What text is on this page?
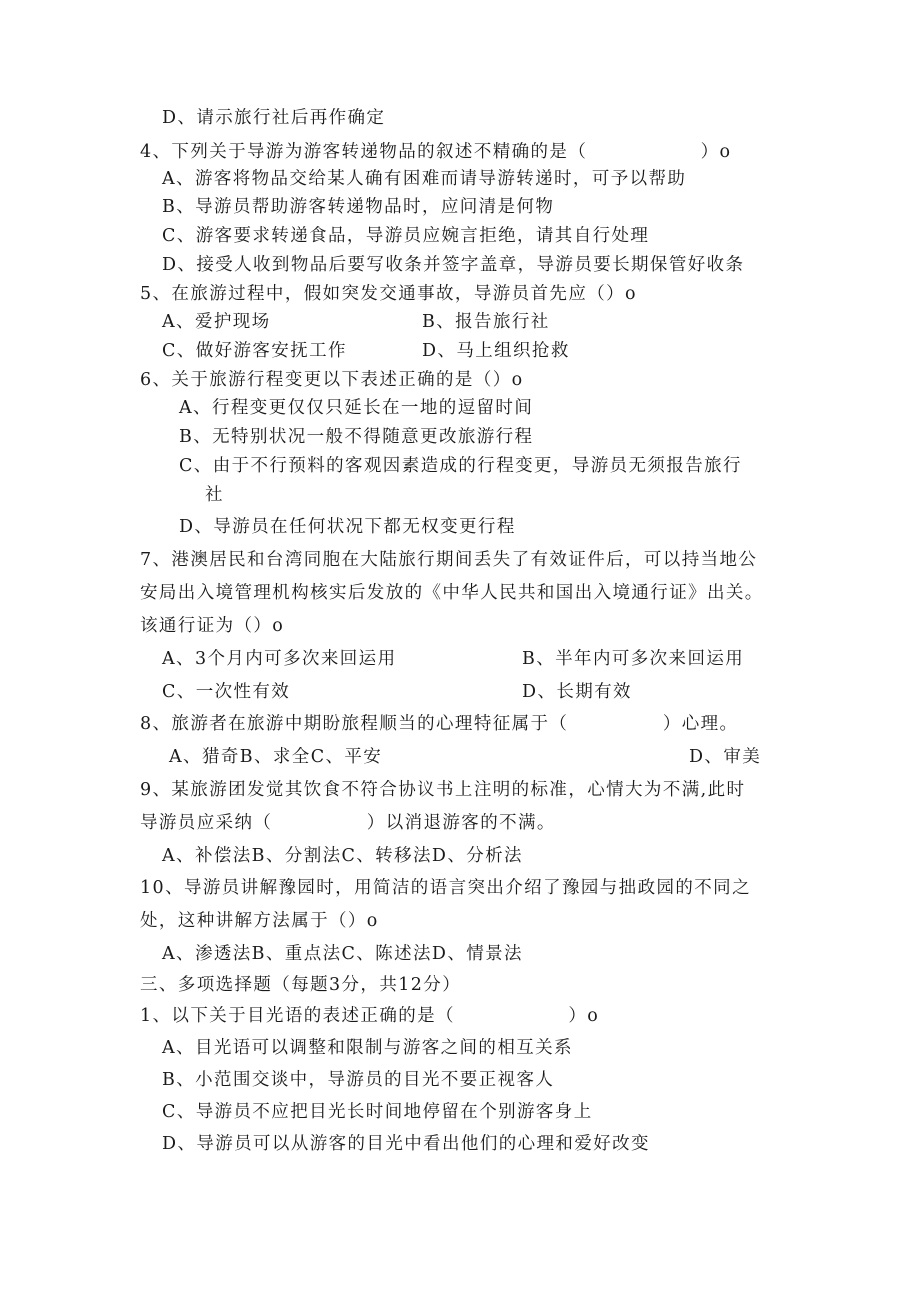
D、请示旅行社后再作确定
4、下列关于导游为游客转递物品的叙述不精确的是（　　　　　　）o
A、游客将物品交给某人确有困难而请导游转递时，可予以帮助
B、导游员帮助游客转递物品时，应问清是何物
C、游客要求转递食品，导游员应婉言拒绝，请其自行处理
D、接受人收到物品后要写收条并签字盖章，导游员要长期保管好收条
5、在旅游过程中，假如突发交通事故，导游员首先应（）o
A、爱护现场	B、报告旅行社
C、做好游客安抚工作	D、马上组织抢救
6、关于旅游行程变更以下表述正确的是（）o
A、行程变更仅仅只延长在一地的逗留时间
B、无特别状况一般不得随意更改旅游行程
C、由于不行预料的客观因素造成的行程变更，导游员无须报告旅行
社
D、导游员在任何状况下都无权变更行程
7、港澳居民和台湾同胞在大陆旅行期间丢失了有效证件后，可以持当地公
安局出入境管理机构核实后发放的《中华人民共和国出入境通行证》出关。
该通行证为（）o
A、3个月内可多次来回运用	B、半年内可多次来回运用
C、一次性有效	D、长期有效
8、旅游者在旅游中期盼旅程顺当的心理特征属于（　　　　　）心理。
A、猎奇B、求全C、平安	D、审美
9、某旅游团发觉其饮食不符合协议书上注明的标准，心情大为不满,此时
导游员应采纳（　　　　　）以消退游客的不满。
A、补偿法B、分割法C、转移法D、分析法
10、导游员讲解豫园时，用简洁的语言突出介绍了豫园与拙政园的不同之
处，这种讲解方法属于（）o
A、渗透法B、重点法C、陈述法D、情景法
三、多项选择题（每题3分，共12分）
1、以下关于目光语的表述正确的是（　　　　　　）o
A、目光语可以调整和限制与游客之间的相互关系
B、小范围交谈中，导游员的目光不要正视客人
C、导游员不应把目光长时间地停留在个别游客身上
D、导游员可以从游客的目光中看出他们的心理和爱好改变
